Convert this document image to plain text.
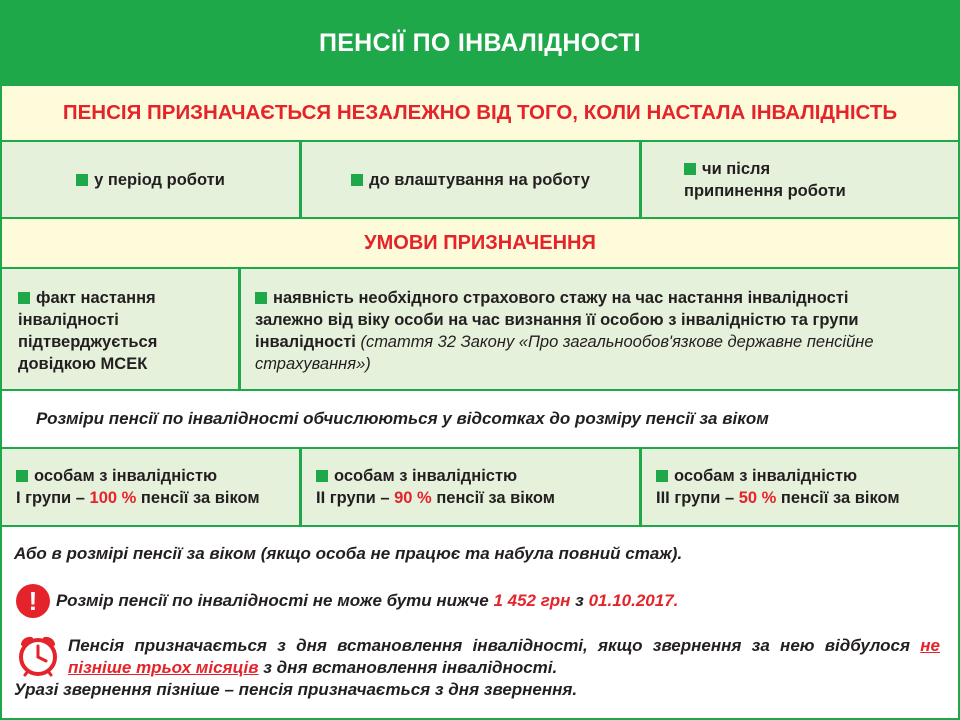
ПЕНСІЇ ПО ІНВАЛІДНОСТІ
ПЕНСІЯ ПРИЗНАЧАЄТЬСЯ НЕЗАЛЕЖНО ВІД ТОГО, КОЛИ НАСТАЛА ІНВАЛІДНІСТЬ
у період роботи	до влаштування на роботу
чи після
припинення роботи
УМОВИ ПРИЗНАЧЕННЯ
факт настання
інвалідності
підтверджується
довідкою МСЕК
наявність необхідного страхового стажу на час настання інвалідності
залежно від віку особи на час визнання її особою з інвалідністю та групи
інвалідності (стаття 32 Закону «Про загальнообов'язкове державне пенсійне страхування»)
Розміри пенсії по інвалідності обчислюються у відсотках до розміру пенсії за віком
особам з інвалідністю
І групи – 100 % пенсії за віком
особам з інвалідністю
ІІ групи – 90 % пенсії за віком
особам з інвалідністю
ІІІ групи – 50 % пенсії за віком
Або в розмірі пенсії за віком (якщо особа не працює та набула повний стаж).
!	Розмір пенсії по інвалідності не може бути нижче 1 452 грн з 01.10.2017.
Пенсія призначається з дня встановлення інвалідності, якщо звернення за нею відбулося не пізніше трьох місяців з дня встановлення інвалідності.
Уразі звернення пізніше – пенсія призначається з дня звернення.
